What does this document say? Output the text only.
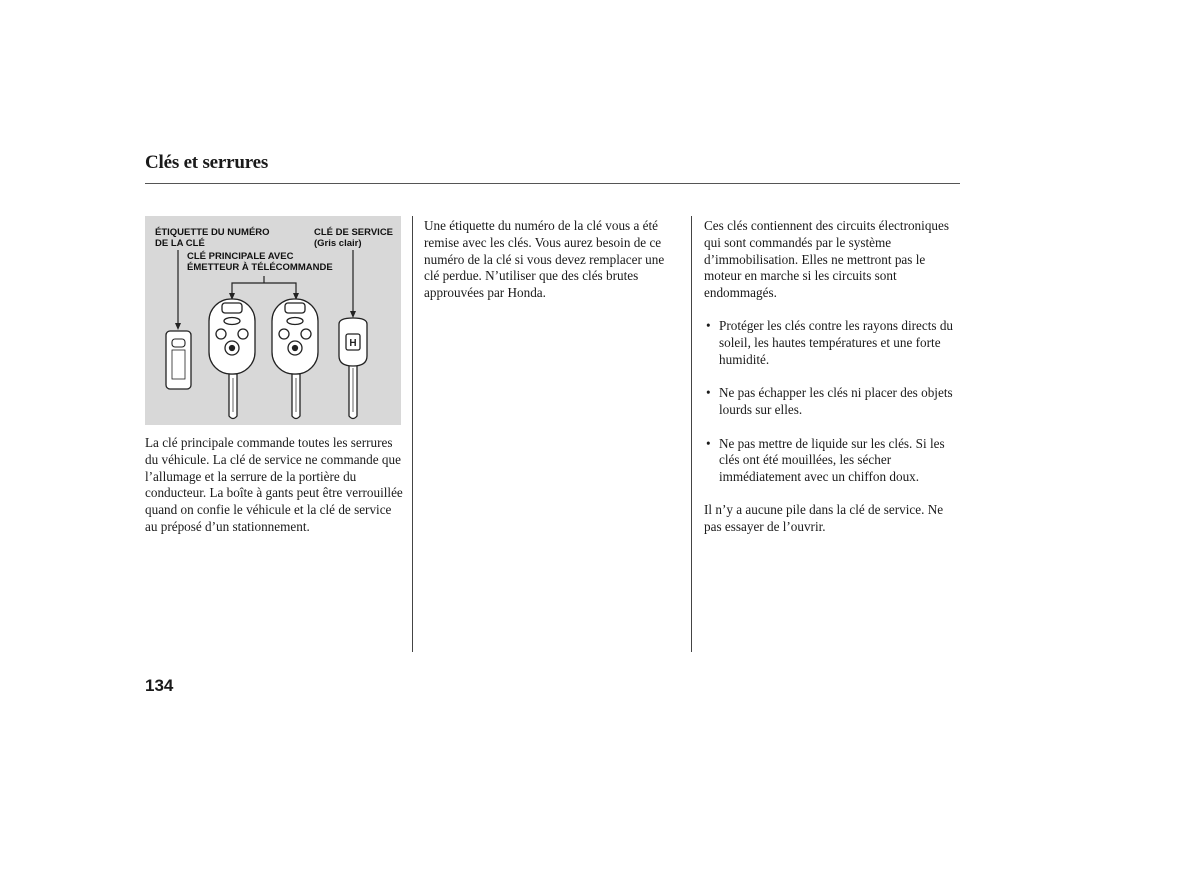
Clés et serrures
ÉTIQUETTE DU NUMÉRO
DE LA CLÉ
CLÉ DE SERVICE
(Gris clair)
CLÉ PRINCIPALE AVEC
ÉMETTEUR À TÉLÉCOMMANDE
H

La clé principale commande toutes les serrures du véhicule. La clé de service ne commande que l’allumage et la serrure de la portière du conducteur. La boîte à gants peut être verrouillée quand on confie le véhicule et la clé de service au préposé d’un stationnement.

Une étiquette du numéro de la clé vous a été remise avec les clés. Vous aurez besoin de ce numéro de la clé si vous devez remplacer une clé perdue. N’utiliser que des clés brutes approuvées par Honda.

Ces clés contiennent des circuits électroniques qui sont commandés par le système d’immobilisation. Elles ne mettront pas le moteur en marche si les circuits sont endommagés.

• Protéger les clés contre les rayons directs du soleil, les hautes températures et une forte humidité.
• Ne pas échapper les clés ni placer des objets lourds sur elles.
• Ne pas mettre de liquide sur les clés. Si les clés ont été mouillées, les sécher immédiatement avec un chiffon doux.

Il n’y a aucune pile dans la clé de service. Ne pas essayer de l’ouvrir.

134
